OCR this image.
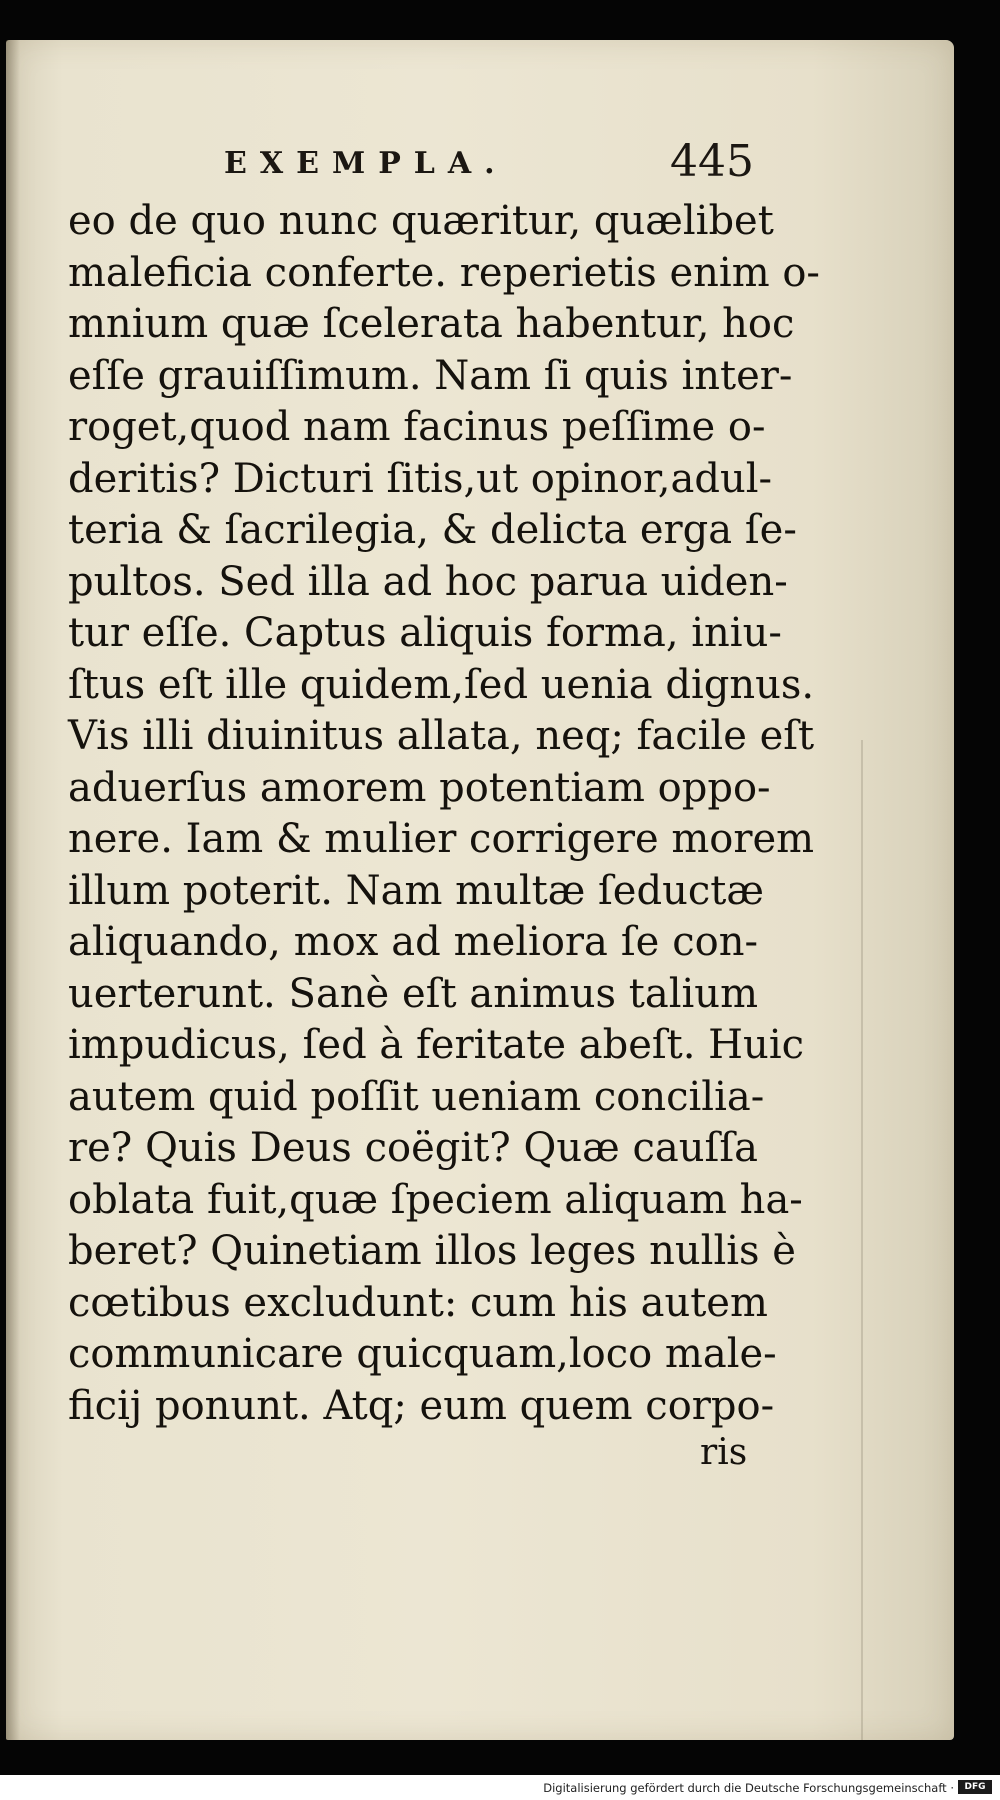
EXEMPLA.	445
eo de quo nunc quæritur, quælibet
maleficia conferte. reperietis enim o-
mnium quæ ſcelerata habentur, hoc
eſſe grauiſſimum. Nam ſi quis inter-
roget,quod nam facinus peſſime o-
deritis? Dicturi ſitis,ut opinor,adul-
teria & ſacrilegia, & delicta erga ſe-
pultos. Sed illa ad hoc parua uiden-
tur eſſe. Captus aliquis forma, iniu-
ſtus eſt ille quidem,ſed uenia dignus.
Vis illi diuinitus allata, neq; facile eſt
aduerſus amorem potentiam oppo-
nere. Iam & mulier corrigere morem
illum poterit. Nam multæ ſeductæ
aliquando, mox ad meliora ſe con-
uerterunt. Sanè eſt animus talium
impudicus, ſed à feritate abeſt. Huic
autem quid poſſit ueniam concilia-
re? Quis Deus coëgit? Quæ cauſſa
oblata fuit,quæ ſpeciem aliquam ha-
beret? Quinetiam illos leges nullis è
cœtibus excludunt: cum his autem
communicare quicquam,loco male-
ficij ponunt. Atq; eum quem corpo-
ris
Digitalisierung gefördert durch die Deutsche Forschungsgemeinschaft ·	DFG
